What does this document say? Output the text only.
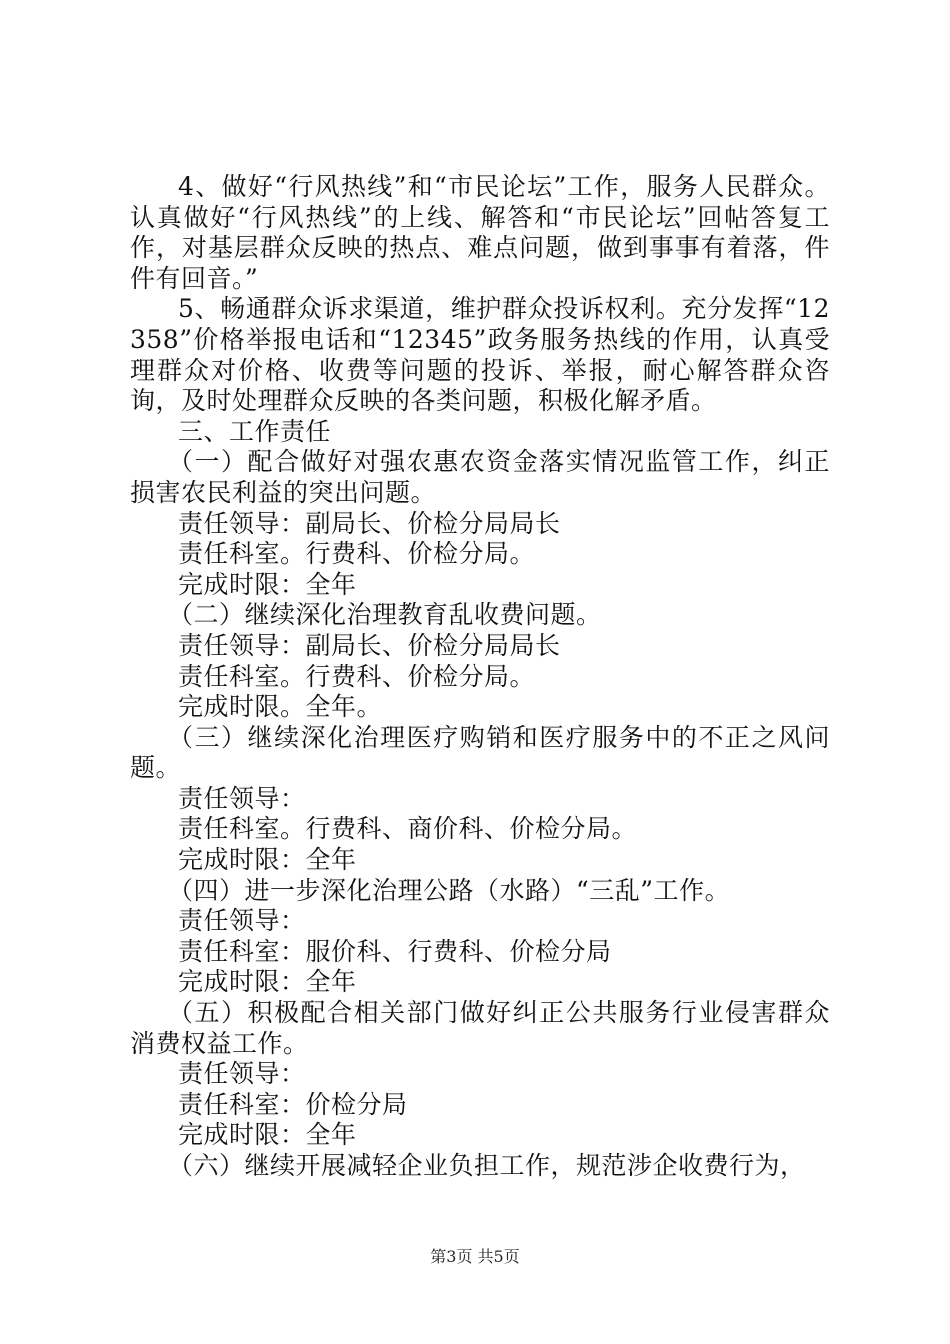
4、做好“行风热线”和“市民论坛”工作，服务人民群众。认真做好“行风热线”的上线、解答和“市民论坛”回帖答复工作，对基层群众反映的热点、难点问题，做到事事有着落，件件有回音。”

5、畅通群众诉求渠道，维护群众投诉权利。充分发挥“12358”价格举报电话和“12345”政务服务热线的作用，认真受理群众对价格、收费等问题的投诉、举报，耐心解答群众咨询，及时处理群众反映的各类问题，积极化解矛盾。

三、工作责任

（一）配合做好对强农惠农资金落实情况监管工作，纠正损害农民利益的突出问题。

责任领导：副局长、价检分局局长

责任科室。行费科、价检分局。

完成时限：全年

（二）继续深化治理教育乱收费问题。

责任领导：副局长、价检分局局长

责任科室。行费科、价检分局。

完成时限。全年。

（三）继续深化治理医疗购销和医疗服务中的不正之风问题。

责任领导：

责任科室。行费科、商价科、价检分局。

完成时限：全年

（四）进一步深化治理公路（水路）“三乱”工作。

责任领导：

责任科室：服价科、行费科、价检分局

完成时限：全年

（五）积极配合相关部门做好纠正公共服务行业侵害群众消费权益工作。

责任领导：

责任科室：价检分局

完成时限：全年

（六）继续开展减轻企业负担工作，规范涉企收费行为，

第3页 共5页
